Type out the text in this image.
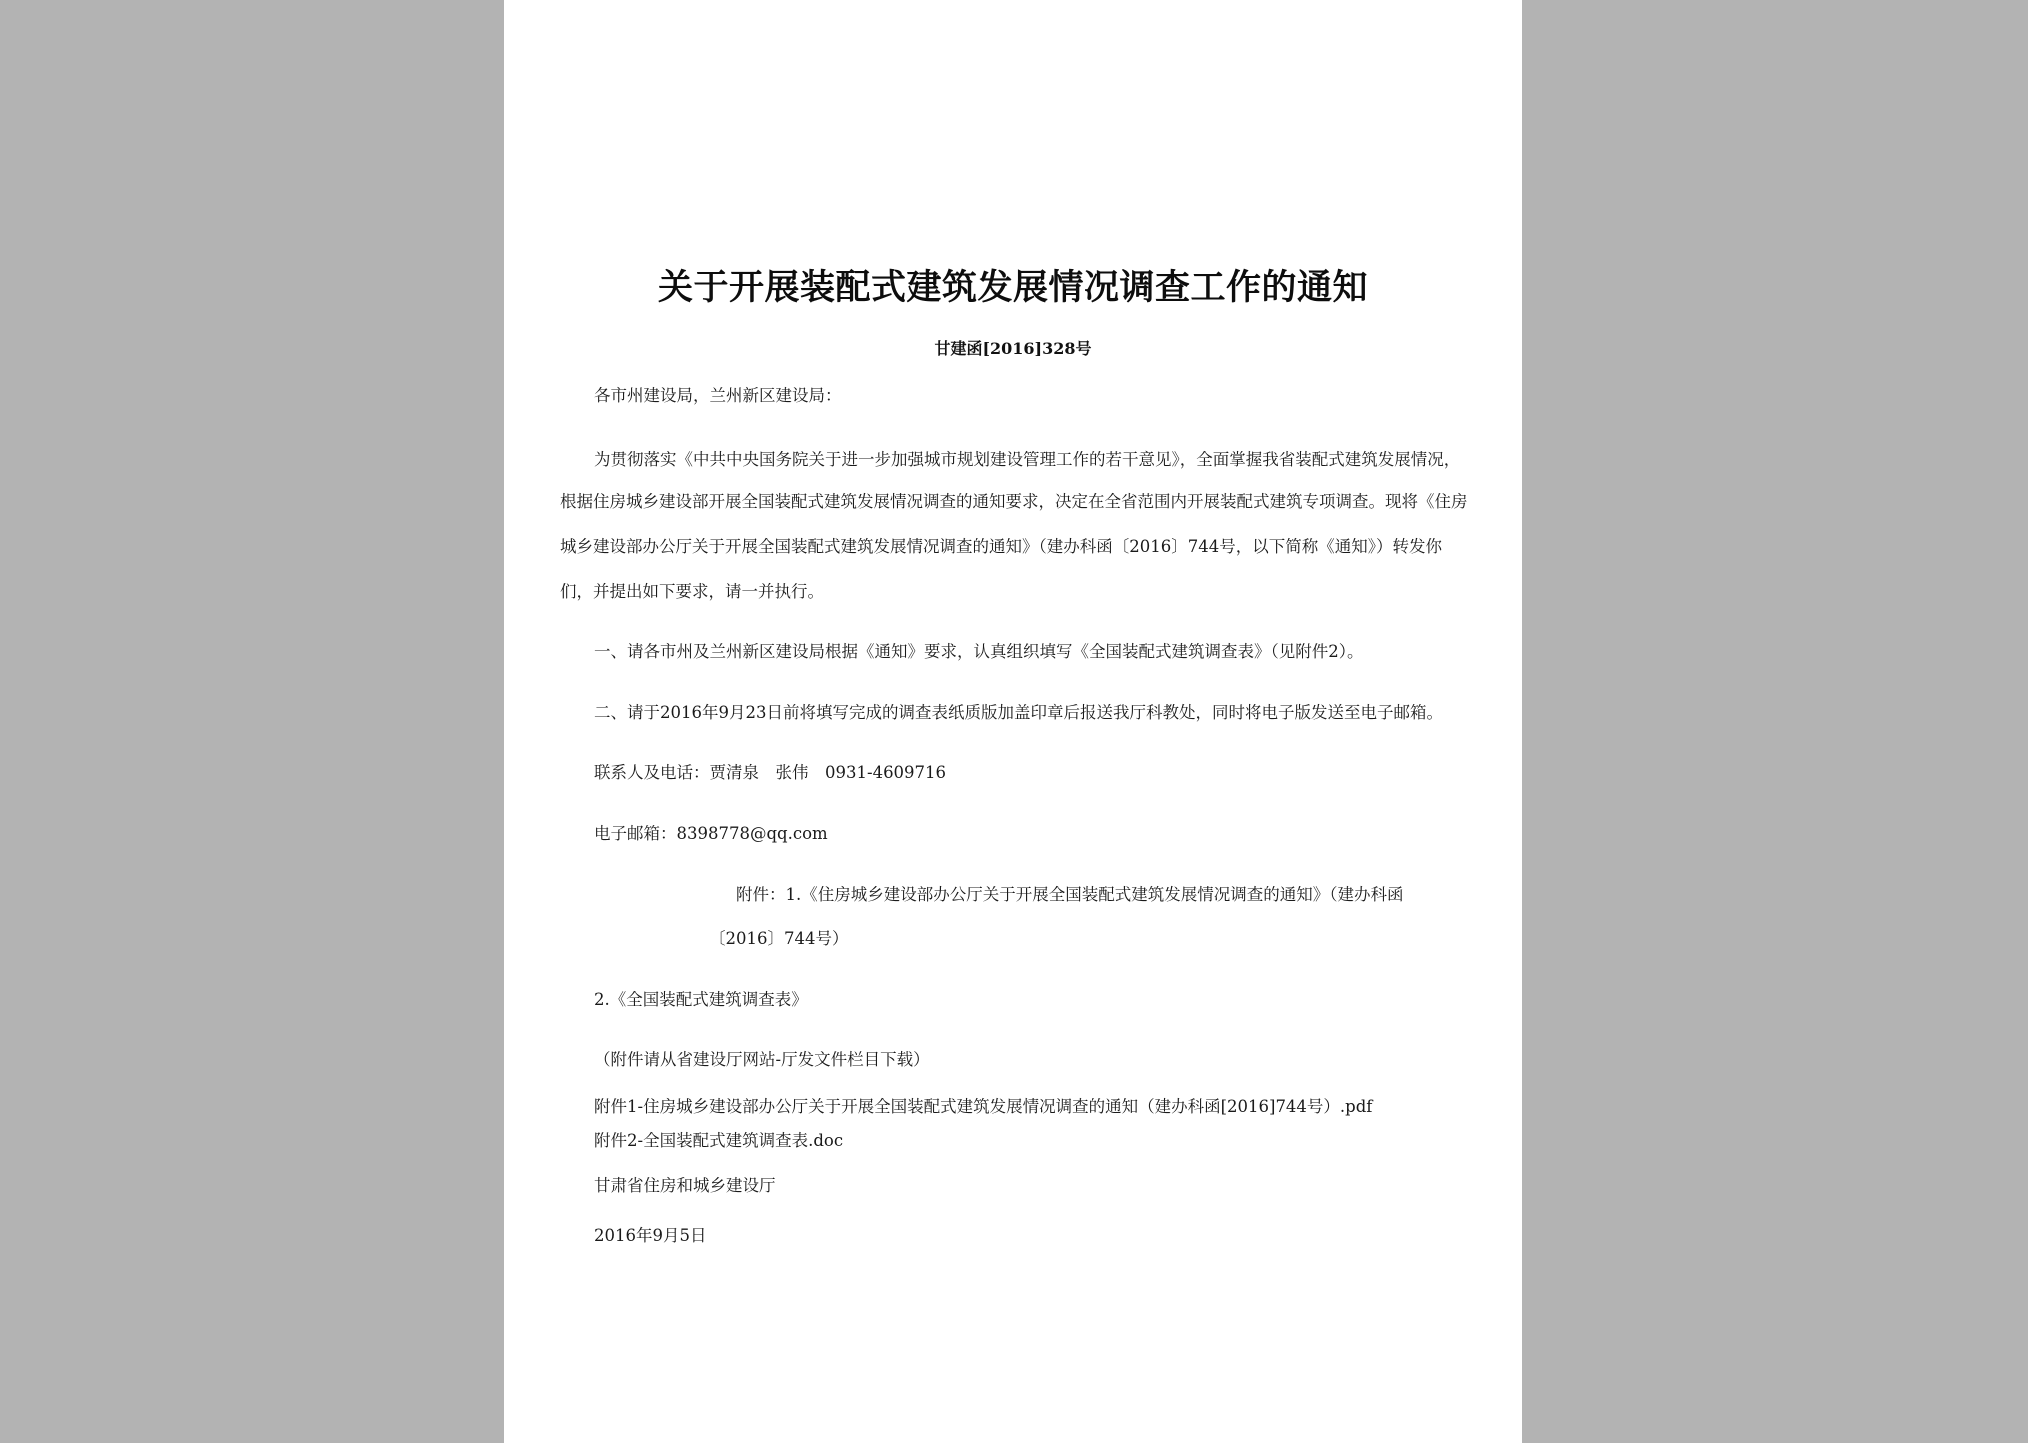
关于开展装配式建筑发展情况调查工作的通知
甘建函[2016]328号
各市州建设局，兰州新区建设局：
为贯彻落实《中共中央国务院关于进一步加强城市规划建设管理工作的若干意见》，全面掌握我省装配式建筑发展情况，
根据住房城乡建设部开展全国装配式建筑发展情况调查的通知要求，决定在全省范围内开展装配式建筑专项调查。现将《住房
城乡建设部办公厅关于开展全国装配式建筑发展情况调查的通知》（建办科函〔2016〕744号，以下简称《通知》）转发你
们，并提出如下要求，请一并执行。
一、请各市州及兰州新区建设局根据《通知》要求，认真组织填写《全国装配式建筑调查表》（见附件2）。
二、请于2016年9月23日前将填写完成的调查表纸质版加盖印章后报送我厅科教处，同时将电子版发送至电子邮箱。
联系人及电话：贾清泉　张伟　0931-4609716
电子邮箱：8398778@qq.com
附件：1.《住房城乡建设部办公厅关于开展全国装配式建筑发展情况调查的通知》（建办科函
〔2016〕744号）
2.《全国装配式建筑调查表》
（附件请从省建设厅网站-厅发文件栏目下载）
附件1-住房城乡建设部办公厅关于开展全国装配式建筑发展情况调查的通知（建办科函[2016]744号）.pdf
附件2-全国装配式建筑调查表.doc
甘肃省住房和城乡建设厅
2016年9月5日
